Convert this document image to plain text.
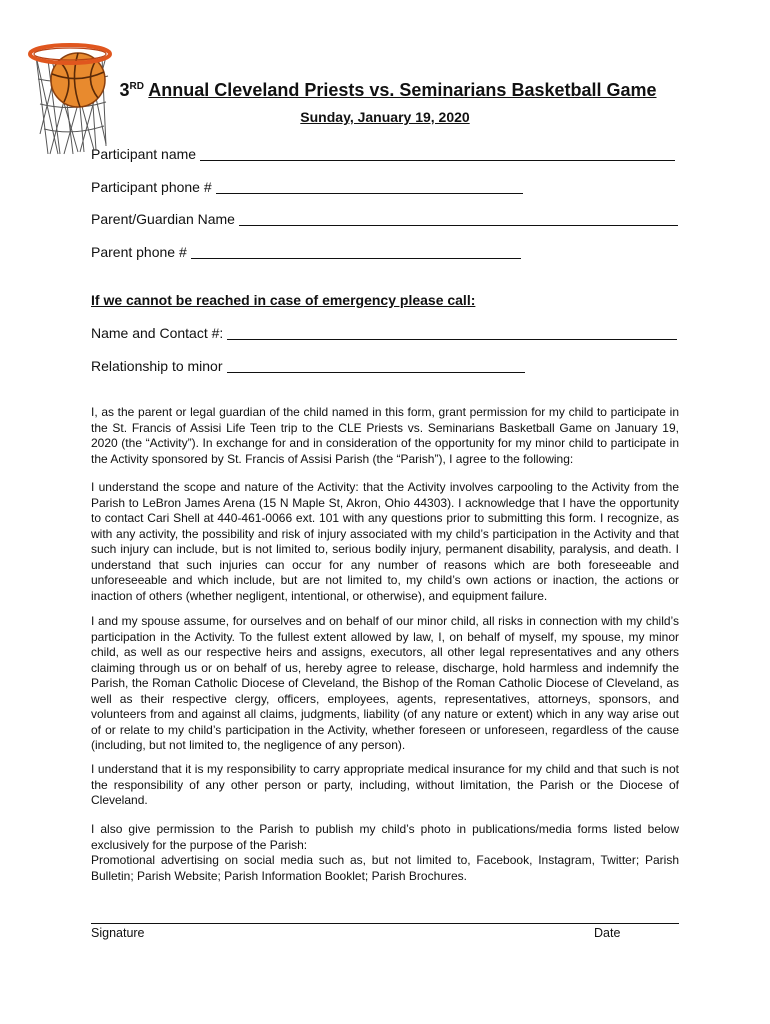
3RD Annual Cleveland Priests vs. Seminarians Basketball Game
Sunday, January 19, 2020
Participant name
Participant phone #
Parent/Guardian Name
Parent phone #
If we cannot be reached in case of emergency please call:
Name and Contact #:
Relationship to minor

I, as the parent or legal guardian of the child named in this form, grant permission for my child to participate in the St. Francis of Assisi Life Teen trip to the CLE Priests vs. Seminarians Basketball Game on January 19, 2020 (the “Activity”). In exchange for and in consideration of the opportunity for my minor child to participate in the Activity sponsored by St. Francis of Assisi Parish (the “Parish”), I agree to the following:

I understand the scope and nature of the Activity: that the Activity involves carpooling to the Activity from the Parish to LeBron James Arena (15 N Maple St, Akron, Ohio 44303). I acknowledge that I have the opportunity to contact Cari Shell at 440-461-0066 ext. 101 with any questions prior to submitting this form. I recognize, as with any activity, the possibility and risk of injury associated with my child’s participation in the Activity and that such injury can include, but is not limited to, serious bodily injury, permanent disability, paralysis, and death. I understand that such injuries can occur for any number of reasons which are both foreseeable and unforeseeable and which include, but are not limited to, my child’s own actions or inaction, the actions or inaction of others (whether negligent, intentional, or otherwise), and equipment failure.

I and my spouse assume, for ourselves and on behalf of our minor child, all risks in connection with my child’s participation in the Activity. To the fullest extent allowed by law, I, on behalf of myself, my spouse, my minor child, as well as our respective heirs and assigns, executors, all other legal representatives and any others claiming through us or on behalf of us, hereby agree to release, discharge, hold harmless and indemnify the Parish, the Roman Catholic Diocese of Cleveland, the Bishop of the Roman Catholic Diocese of Cleveland, as well as their respective clergy, officers, employees, agents, representatives, attorneys, sponsors, and volunteers from and against all claims, judgments, liability (of any nature or extent) which in any way arise out of or relate to my child’s participation in the Activity, whether foreseen or unforeseen, regardless of the cause (including, but not limited to, the negligence of any person).

I understand that it is my responsibility to carry appropriate medical insurance for my child and that such is not the responsibility of any other person or party, including, without limitation, the Parish or the Diocese of Cleveland.

I also give permission to the Parish to publish my child’s photo in publications/media forms listed below exclusively for the purpose of the Parish:

Promotional advertising on social media such as, but not limited to, Facebook, Instagram, Twitter; Parish Bulletin; Parish Website; Parish Information Booklet; Parish Brochures.

Signature	Date
